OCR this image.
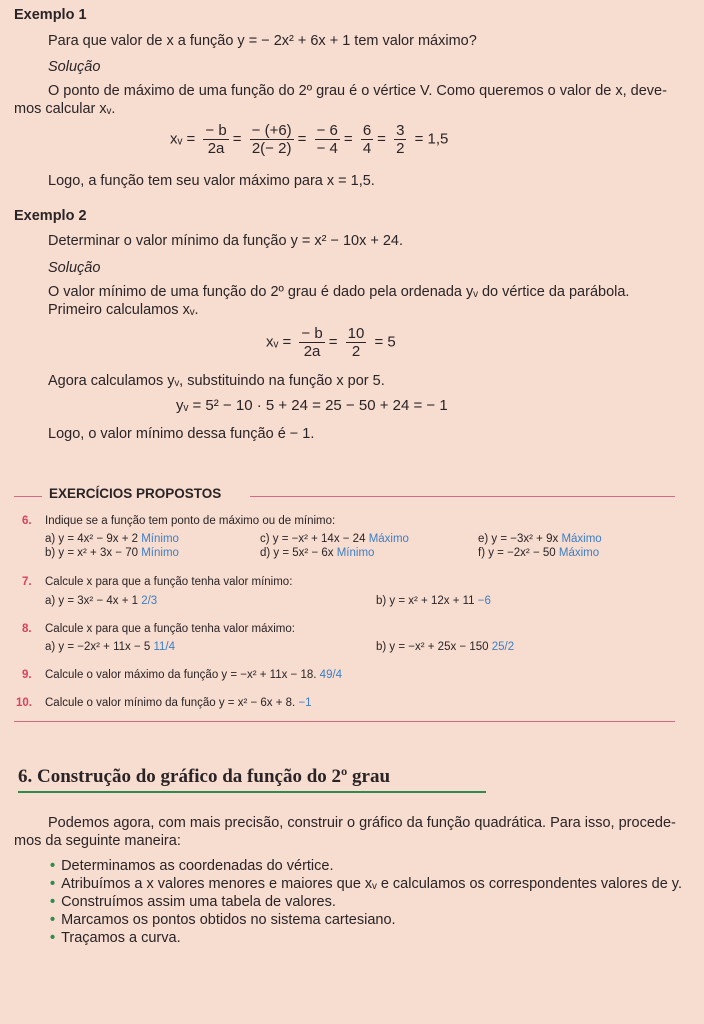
Exemplo 1
Para que valor de x a função y = − 2x² + 6x + 1 tem valor máximo?
Solução
O ponto de máximo de uma função do 2º grau é o vértice V. Como queremos o valor de x, deve-
mos calcular xᵥ.
xᵥ = $\frac{- b}{2a} = \frac{- (+6)}{2(- 2)} = \frac{- 6}{- 4} = \frac{6}{4} = \frac{3}{2} = 1,5$
Logo, a função tem seu valor máximo para x = 1,5.
Exemplo 2
Determinar o valor mínimo da função y = x² − 10x + 24.
Solução
O valor mínimo de uma função do 2º grau é dado pela ordenada yᵥ do vértice da parábola.
Primeiro calculamos xᵥ.
xᵥ = $\frac{- b}{2a} = \frac{10}{2} = 5$
Agora calculamos yᵥ, substituindo na função x por 5.
yᵥ = 5² − 10 · 5 + 24 = 25 − 50 + 24 = − 1
Logo, o valor mínimo dessa função é − 1.
EXERCÍCIOS PROPOSTOS
6. Indique se a função tem ponto de máximo ou de mínimo:
a) y = 4x² − 9x + 2 Mínimo
b) y = x² + 3x − 70 Mínimo
c) y = −x² + 14x − 24 Máximo
d) y = 5x² − 6x Mínimo
e) y = −3x² + 9x Máximo
f) y = −2x² − 50 Máximo
7. Calcule x para que a função tenha valor mínimo:
a) y = 3x² − 4x + 1 2/3	b) y = x² + 12x + 11 −6
8. Calcule x para que a função tenha valor máximo:
a) y = −2x² + 11x − 5 11/4	b) y = −x² + 25x − 150 25/2
9. Calcule o valor máximo da função y = −x² + 11x − 18. 49/4
10. Calcule o valor mínimo da função y = x² − 6x + 8. −1
6. Construção do gráfico da função do 2º grau
Podemos agora, com mais precisão, construir o gráfico da função quadrática. Para isso, procede-
mos da seguinte maneira:
• Determinamos as coordenadas do vértice.
• Atribuímos a x valores menores e maiores que xᵥ e calculamos os correspondentes valores de y.
• Construímos assim uma tabela de valores.
• Marcamos os pontos obtidos no sistema cartesiano.
• Traçamos a curva.
